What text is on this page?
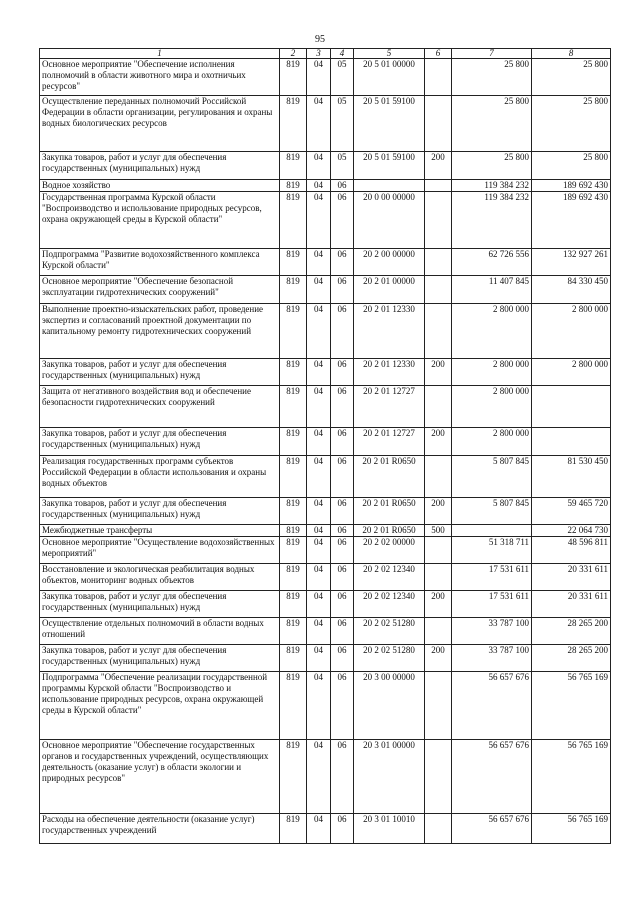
95
1	2	3	4	5	6	7	8
Основное мероприятие "Обеспечение исполнения полномочий в области животного мира и охотничьих ресурсов"	819	04	05	20 5 01 00000		25 800	25 800
Осуществление переданных полномочий Российской Федерации в области организации, регулирования и охраны водных биологических ресурсов	819	04	05	20 5 01 59100		25 800	25 800
Закупка товаров, работ и услуг для обеспечения государственных (муниципальных) нужд	819	04	05	20 5 01 59100	200	25 800	25 800
Водное хозяйство	819	04	06			119 384 232	189 692 430
Государственная программа Курской области "Воспроизводство и использование природных ресурсов, охрана окружающей среды в Курской области"	819	04	06	20 0 00 00000		119 384 232	189 692 430
Подпрограмма "Развитие водохозяйственного комплекса Курской области"	819	04	06	20 2 00 00000		62 726 556	132 927 261
Основное мероприятие "Обеспечение безопасной эксплуатации гидротехнических сооружений"	819	04	06	20 2 01 00000		11 407 845	84 330 450
Выполнение проектно-изыскательских работ, проведение экспертиз и согласований проектной документации по капитальному ремонту гидротехнических сооружений	819	04	06	20 2 01 12330		2 800 000	2 800 000
Закупка товаров, работ и услуг для обеспечения государственных (муниципальных) нужд	819	04	06	20 2 01 12330	200	2 800 000	2 800 000
Защита от негативного воздействия вод и обеспечение безопасности гидротехнических сооружений	819	04	06	20 2 01 12727		2 800 000	
Закупка товаров, работ и услуг для обеспечения государственных (муниципальных) нужд	819	04	06	20 2 01 12727	200	2 800 000	
Реализация государственных программ субъектов Российской Федерации в области использования и охраны водных объектов	819	04	06	20 2 01 R0650		5 807 845	81 530 450
Закупка товаров, работ и услуг для обеспечения государственных (муниципальных) нужд	819	04	06	20 2 01 R0650	200	5 807 845	59 465 720
Межбюджетные трансферты	819	04	06	20 2 01 R0650	500		22 064 730
Основное мероприятие "Осуществление водохозяйственных мероприятий"	819	04	06	20 2 02 00000		51 318 711	48 596 811
Восстановление и экологическая реабилитация водных объектов, мониторинг водных объектов	819	04	06	20 2 02 12340		17 531 611	20 331 611
Закупка товаров, работ и услуг для обеспечения государственных (муниципальных) нужд	819	04	06	20 2 02 12340	200	17 531 611	20 331 611
Осуществление отдельных полномочий в области водных отношений	819	04	06	20 2 02 51280		33 787 100	28 265 200
Закупка товаров, работ и услуг для обеспечения государственных (муниципальных) нужд	819	04	06	20 2 02 51280	200	33 787 100	28 265 200
Подпрограмма "Обеспечение реализации государственной программы Курской области "Воспроизводство и использование природных ресурсов, охрана окружающей среды в Курской области"	819	04	06	20 3 00 00000		56 657 676	56 765 169
Основное мероприятие "Обеспечение государственных органов и государственных учреждений, осуществляющих деятельность (оказание услуг) в области экологии и природных ресурсов"	819	04	06	20 3 01 00000		56 657 676	56 765 169
Расходы на обеспечение деятельности (оказание услуг) государственных учреждений	819	04	06	20 3 01 10010		56 657 676	56 765 169
